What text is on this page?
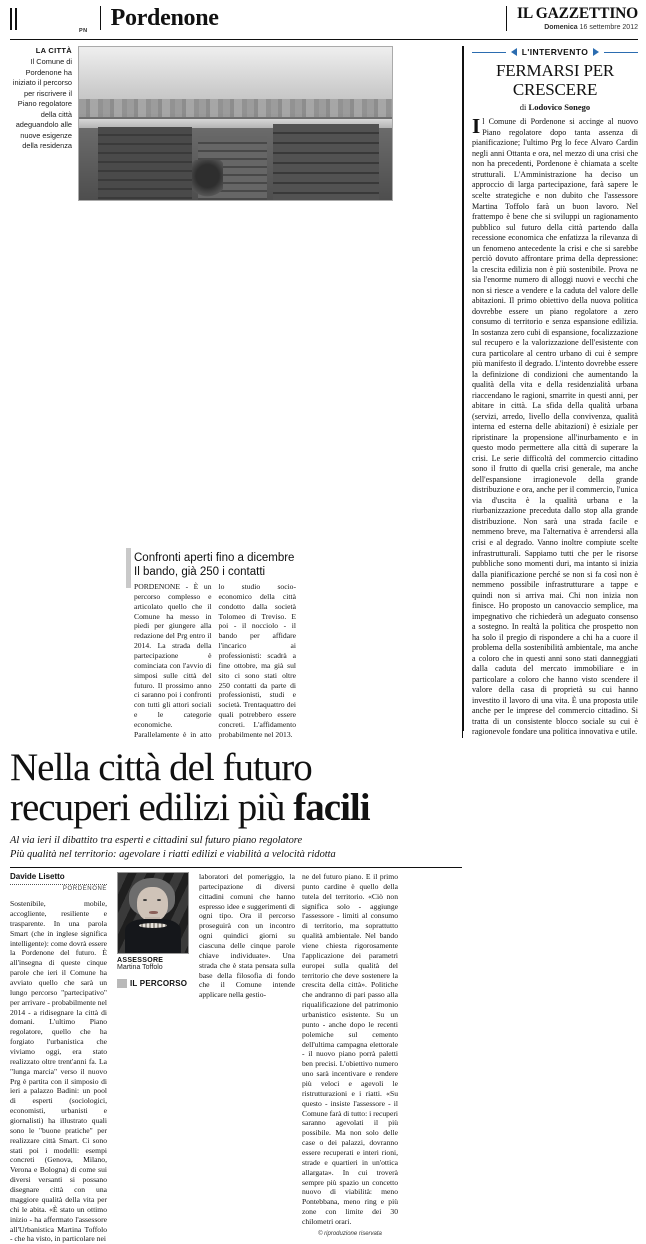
PN Pordenone	IL GAZZETTINO
Domenica 16 settembre 2012
LA CITTÀ
Il Comune di Pordenone ha iniziato il percorso per riscrivere il Piano regolatore della città adeguandolo alle nuove esigenze della residenza
L'INTERVENTO
FERMARSI PER CRESCERE
di Lodovico Sonego
Il Comune di Pordenone si accinge al nuovo Piano regolatore dopo tanta assenza di pianificazione; l'ultimo Prg lo fece Alvaro Cardin negli anni Ottanta e ora, nel mezzo di una crisi che non ha precedenti, Pordenone è chiamata a scelte strutturali. L'Amministrazione ha deciso un approccio di larga partecipazione, farà sapere le scelte strategiche e non dubito che l'assessore Martina Toffolo farà un buon lavoro. Nel frattempo è bene che si sviluppi un ragionamento pubblico sul futuro della città partendo dalla recessione economica che enfatizza la rilevanza di un fenomeno antecedente la crisi e che si sarebbe perciò dovuto affrontare prima della depressione: la crescita edilizia non è più sostenibile. Prova ne sia l'enorme numero di alloggi nuovi e vecchi che non si riesce a vendere e la caduta del valore delle abitazioni. Il primo obiettivo della nuova politica dovrebbe essere un piano regolatore a zero consumo di territorio e senza espansione edilizia. In sostanza zero cubi di espansione, focalizzazione sul recupero e la valorizzazione dell'esistente con cura particolare al centro urbano di cui è sempre più manifesto il degrado. L'intento dovrebbe essere la definizione di condizioni che aumentando la qualità della vita e della residenzialità urbana riaccendano le ragioni, smarrite in questi anni, per abitare in città. La sfida della qualità urbana (servizi, arredo, livello della convivenza, qualità interna ed esterna delle abitazioni) è esiziale per ripristinare la propensione all'inurbamento e in questo modo permettere alla città di superare la crisi. Le serie difficoltà del commercio cittadino sono il frutto di quella crisi generale, ma anche dell'espansione irragionevole della grande distribuzione e ora, anche per il commercio, l'unica via d'uscita è la qualità urbana e la riurbanizzazione preceduta dallo stop alla grande distribuzione. Non sarà una strada facile e nemmeno breve, ma l'alternativa è arrendersi alla crisi e al degrado. Vanno inoltre compiute scelte infrastrutturali. Sappiamo tutti che per le risorse pubbliche sono momenti duri, ma intanto si inizia dalla pianificazione perché se non si fa così non è nemmeno possibile infrastrutturare a tappe e quindi non si arriva mai. Chi non inizia non finisce. Ho proposto un canovaccio semplice, ma impegnativo che richiederà un adeguato consenso a sostegno. In realtà la politica che prospetto non ha solo il pregio di rispondere a chi ha a cuore il problema della sostenibilità ambientale, ma anche a coloro che in questi anni sono stati danneggiati dalla caduta del mercato immobiliare e in particolare a coloro che hanno visto scendere il valore della casa di proprietà su cui hanno investito il lavoro di una vita. È una proposta utile anche per le imprese del commercio cittadino. Si tratta di un consistente blocco sociale su cui è ragionevole fondare una politica innovativa e utile.
Nella città del futuro
recuperi edilizi più facili
Al via ieri il dibattito tra esperti e cittadini sul futuro piano regolatore
Più qualità nel territorio: agevolare i riatti edilizi e viabilità a velocità ridotta
Davide Lisetto
PORDENONE

Sostenibile, mobile, accogliente, resiliente e trasparente. In una parola Smart (che in inglese significa intelligente): come dovrà essere la Pordenone del futuro. È all'insegna di queste cinque parole che ieri il Comune ha avviato quello che sarà un lungo percorso "partecipativo" per arrivare - probabilmente nel 2014 - a ridisegnare la città di domani. L'ultimo Piano regolatore, quello che ha forgiato l'urbanistica che viviamo oggi, era stato realizzato oltre trent'anni fa. La "lunga marcia" verso il nuovo Prg è partita con il simposio di ieri a palazzo Badini: un pool di esperti (sociologici, economisti, urbanisti e giornalisti) ha illustrato quali sono le "buone pratiche" per realizzare città Smart. Ci sono stati poi i modelli: esempi concreti (Genova, Milano, Verona e Bologna) di come sui diversi versanti si possano disegnare città con una maggiore qualità della vita per chi le abita. «È stato un ottimo inizio - ha affermato l'assessore all'Urbanistica Martina Toffolo - che ha visto, in particolare nei

ASSESSORE
Martina Toffolo
IL PERCORSO

laboratori del pomeriggio, la partecipazione di diversi cittadini comuni che hanno espresso idee e suggerimenti di ogni tipo. Ora il percorso proseguirà con un incontro ogni quindici giorni su ciascuna delle cinque parole chiave individuate». Una strada che è stata pensata sulla base della filosofia di fondo che il Comune intende applicare nella gestio-

ne del futuro piano. E il primo punto cardine è quello della tutela del territorio. «Ciò non significa solo - aggiunge l'assessore - limiti al consumo di territorio, ma soprattutto qualità ambientale. Nel bando viene chiesta rigorosamente l'applicazione dei parametri europei sulla qualità del territorio che deve sostenere la crescita della città». Politiche che andranno di pari passo alla riqualificazione del patrimonio urbanistico esistente. Su un punto - anche dopo le recenti polemiche sul cemento dell'ultima campagna elettorale - il nuovo piano porrà paletti ben precisi. L'obiettivo numero uno sarà incentivare e rendere più veloci e agevoli le ristrutturazioni e i riatti. «Su questo - insiste l'assessore - il Comune farà di tutto: i recuperi saranno agevolati il più possibile. Ma non solo delle case o dei palazzi, dovranno essere recuperati e interi rioni, strade e quartieri in un'ottica allargata». In cui troverà sempre più spazio un concetto nuovo di viabilità: meno Pontebbana, meno ring e più zone con limite dei 30 chilometri orari.

© riproduzione riservata
Confronti aperti fino a dicembre
Il bando, già 250 i contatti
PORDENONE - È un percorso complesso e articolato quello che il Comune ha messo in piedi per giungere alla redazione del Prg entro il 2014. La strada della partecipazione è cominciata con l'avvio di simposi sulle città del futuro. Il prossimo anno ci saranno poi i confronti con tutti gli attori sociali e le categorie economiche. Parallelamente è in atto lo studio socio-economico della città condotto dalla società Tolomeo di Treviso. E poi - il nocciolo - il bando per affidare l'incarico ai professionisti: scadrà a fine ottobre, ma già sul sito ci sono stati oltre 250 contatti da parte di professionisti, studi e società. Trentaquattro dei quali potrebbero essere concreti. L'affidamento probabilmente nel 2013.
